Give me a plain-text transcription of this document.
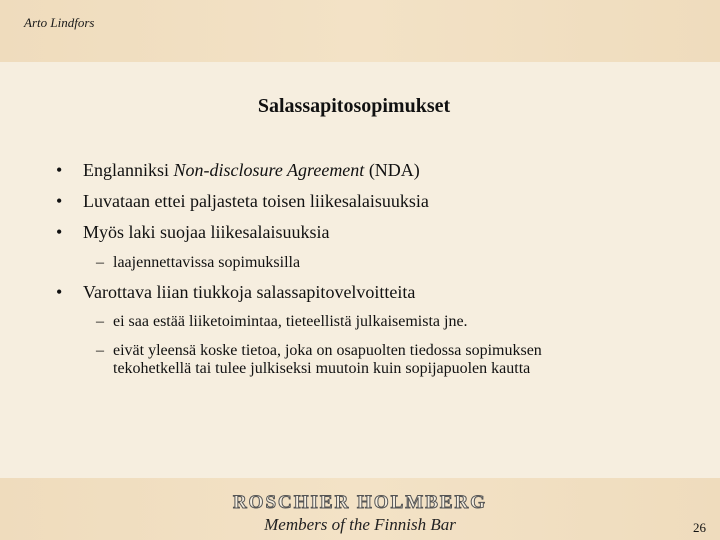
Arto Lindfors
Salassapitosopimukset
• Englanniksi Non-disclosure Agreement (NDA)
• Luvataan ettei paljasteta toisen liikesalaisuuksia
• Myös laki suojaa liikesalaisuuksia
– laajennettavissa sopimuksilla
• Varottava liian tiukkoja salassapitovelvoitteita
– ei saa estää liiketoimintaa, tieteellistä julkaisemista jne.
– eivät yleensä koske tietoa, joka on osapuolten tiedossa sopimuksen
tekohetkellä tai tulee julkiseksi muutoin kuin sopijapuolen kautta
ROSCHIER HOLMBERG
Members of the Finnish Bar	26
